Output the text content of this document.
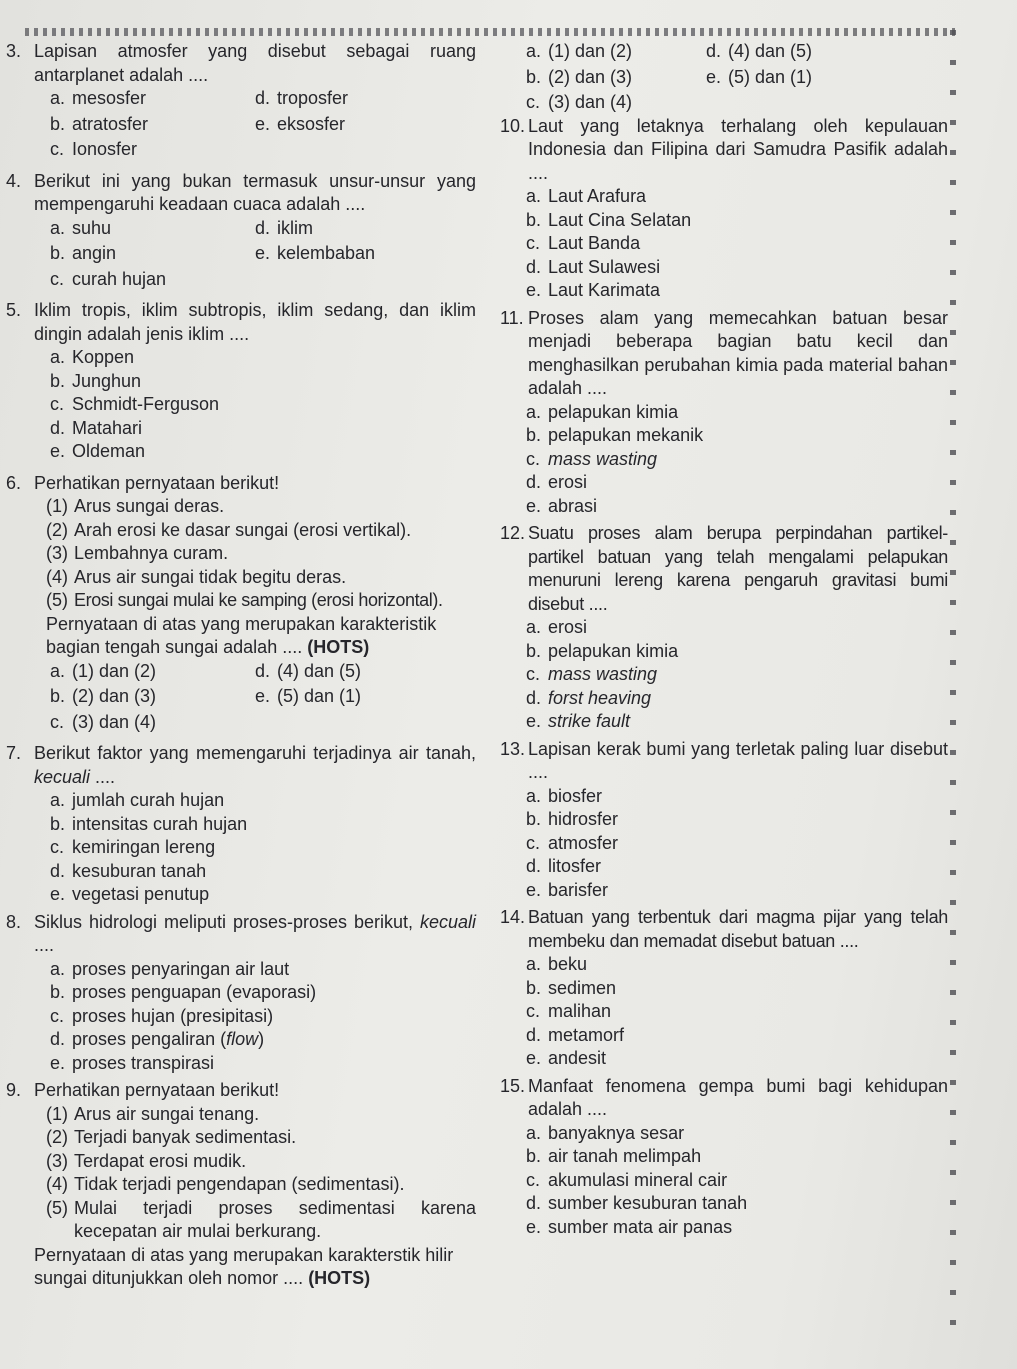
3. Lapisan atmosfer yang disebut sebagai ruang antarplanet adalah ....
a. mesosfer	d. troposfer
b. atratosfer	e. eksosfer
c. Ionosfer
4. Berikut ini yang bukan termasuk unsur-unsur yang mempengaruhi keadaan cuaca adalah ....
a. suhu	d. iklim
b. angin	e. kelembaban
c. curah hujan
5. Iklim tropis, iklim subtropis, iklim sedang, dan iklim dingin adalah jenis iklim ....
a. Koppen
b. Junghun
c. Schmidt-Ferguson
d. Matahari
e. Oldeman
6. Perhatikan pernyataan berikut!
(1) Arus sungai deras.
(2) Arah erosi ke dasar sungai (erosi vertikal).
(3) Lembahnya curam.
(4) Arus air sungai tidak begitu deras.
(5) Erosi sungai mulai ke samping (erosi horizontal).
Pernyataan di atas yang merupakan karakteristik bagian tengah sungai adalah .... (HOTS)
a. (1) dan (2)	d. (4) dan (5)
b. (2) dan (3)	e. (5) dan (1)
c. (3) dan (4)
7. Berikut faktor yang memengaruhi terjadinya air tanah, kecuali ....
a. jumlah curah hujan
b. intensitas curah hujan
c. kemiringan lereng
d. kesuburan tanah
e. vegetasi penutup
8. Siklus hidrologi meliputi proses-proses berikut, kecuali ....
a. proses penyaringan air laut
b. proses penguapan (evaporasi)
c. proses hujan (presipitasi)
d. proses pengaliran (flow)
e. proses transpirasi
9. Perhatikan pernyataan berikut!
(1) Arus air sungai tenang.
(2) Terjadi banyak sedimentasi.
(3) Terdapat erosi mudik.
(4) Tidak terjadi pengendapan (sedimentasi).
(5) Mulai terjadi proses sedimentasi karena kecepatan air mulai berkurang.
Pernyataan di atas yang merupakan karakterstik hilir sungai ditunjukkan oleh nomor .... (HOTS)
a. (1) dan (2)	d. (4) dan (5)
b. (2) dan (3)	e. (5) dan (1)
c. (3) dan (4)
10. Laut yang letaknya terhalang oleh kepulauan Indonesia dan Filipina dari Samudra Pasifik adalah ....
a. Laut Arafura
b. Laut Cina Selatan
c. Laut Banda
d. Laut Sulawesi
e. Laut Karimata
11. Proses alam yang memecahkan batuan besar menjadi beberapa bagian batu kecil dan menghasilkan perubahan kimia pada material bahan adalah ....
a. pelapukan kimia
b. pelapukan mekanik
c. mass wasting
d. erosi
e. abrasi
12. Suatu proses alam berupa perpindahan partikel-partikel batuan yang telah mengalami pelapukan menuruni lereng karena pengaruh gravitasi bumi disebut ....
a. erosi
b. pelapukan kimia
c. mass wasting
d. forst heaving
e. strike fault
13. Lapisan kerak bumi yang terletak paling luar disebut ....
a. biosfer
b. hidrosfer
c. atmosfer
d. litosfer
e. barisfer
14. Batuan yang terbentuk dari magma pijar yang telah membeku dan memadat disebut batuan ....
a. beku
b. sedimen
c. malihan
d. metamorf
e. andesit
15. Manfaat fenomena gempa bumi bagi kehidupan adalah ....
a. banyaknya sesar
b. air tanah melimpah
c. akumulasi mineral cair
d. sumber kesuburan tanah
e. sumber mata air panas
